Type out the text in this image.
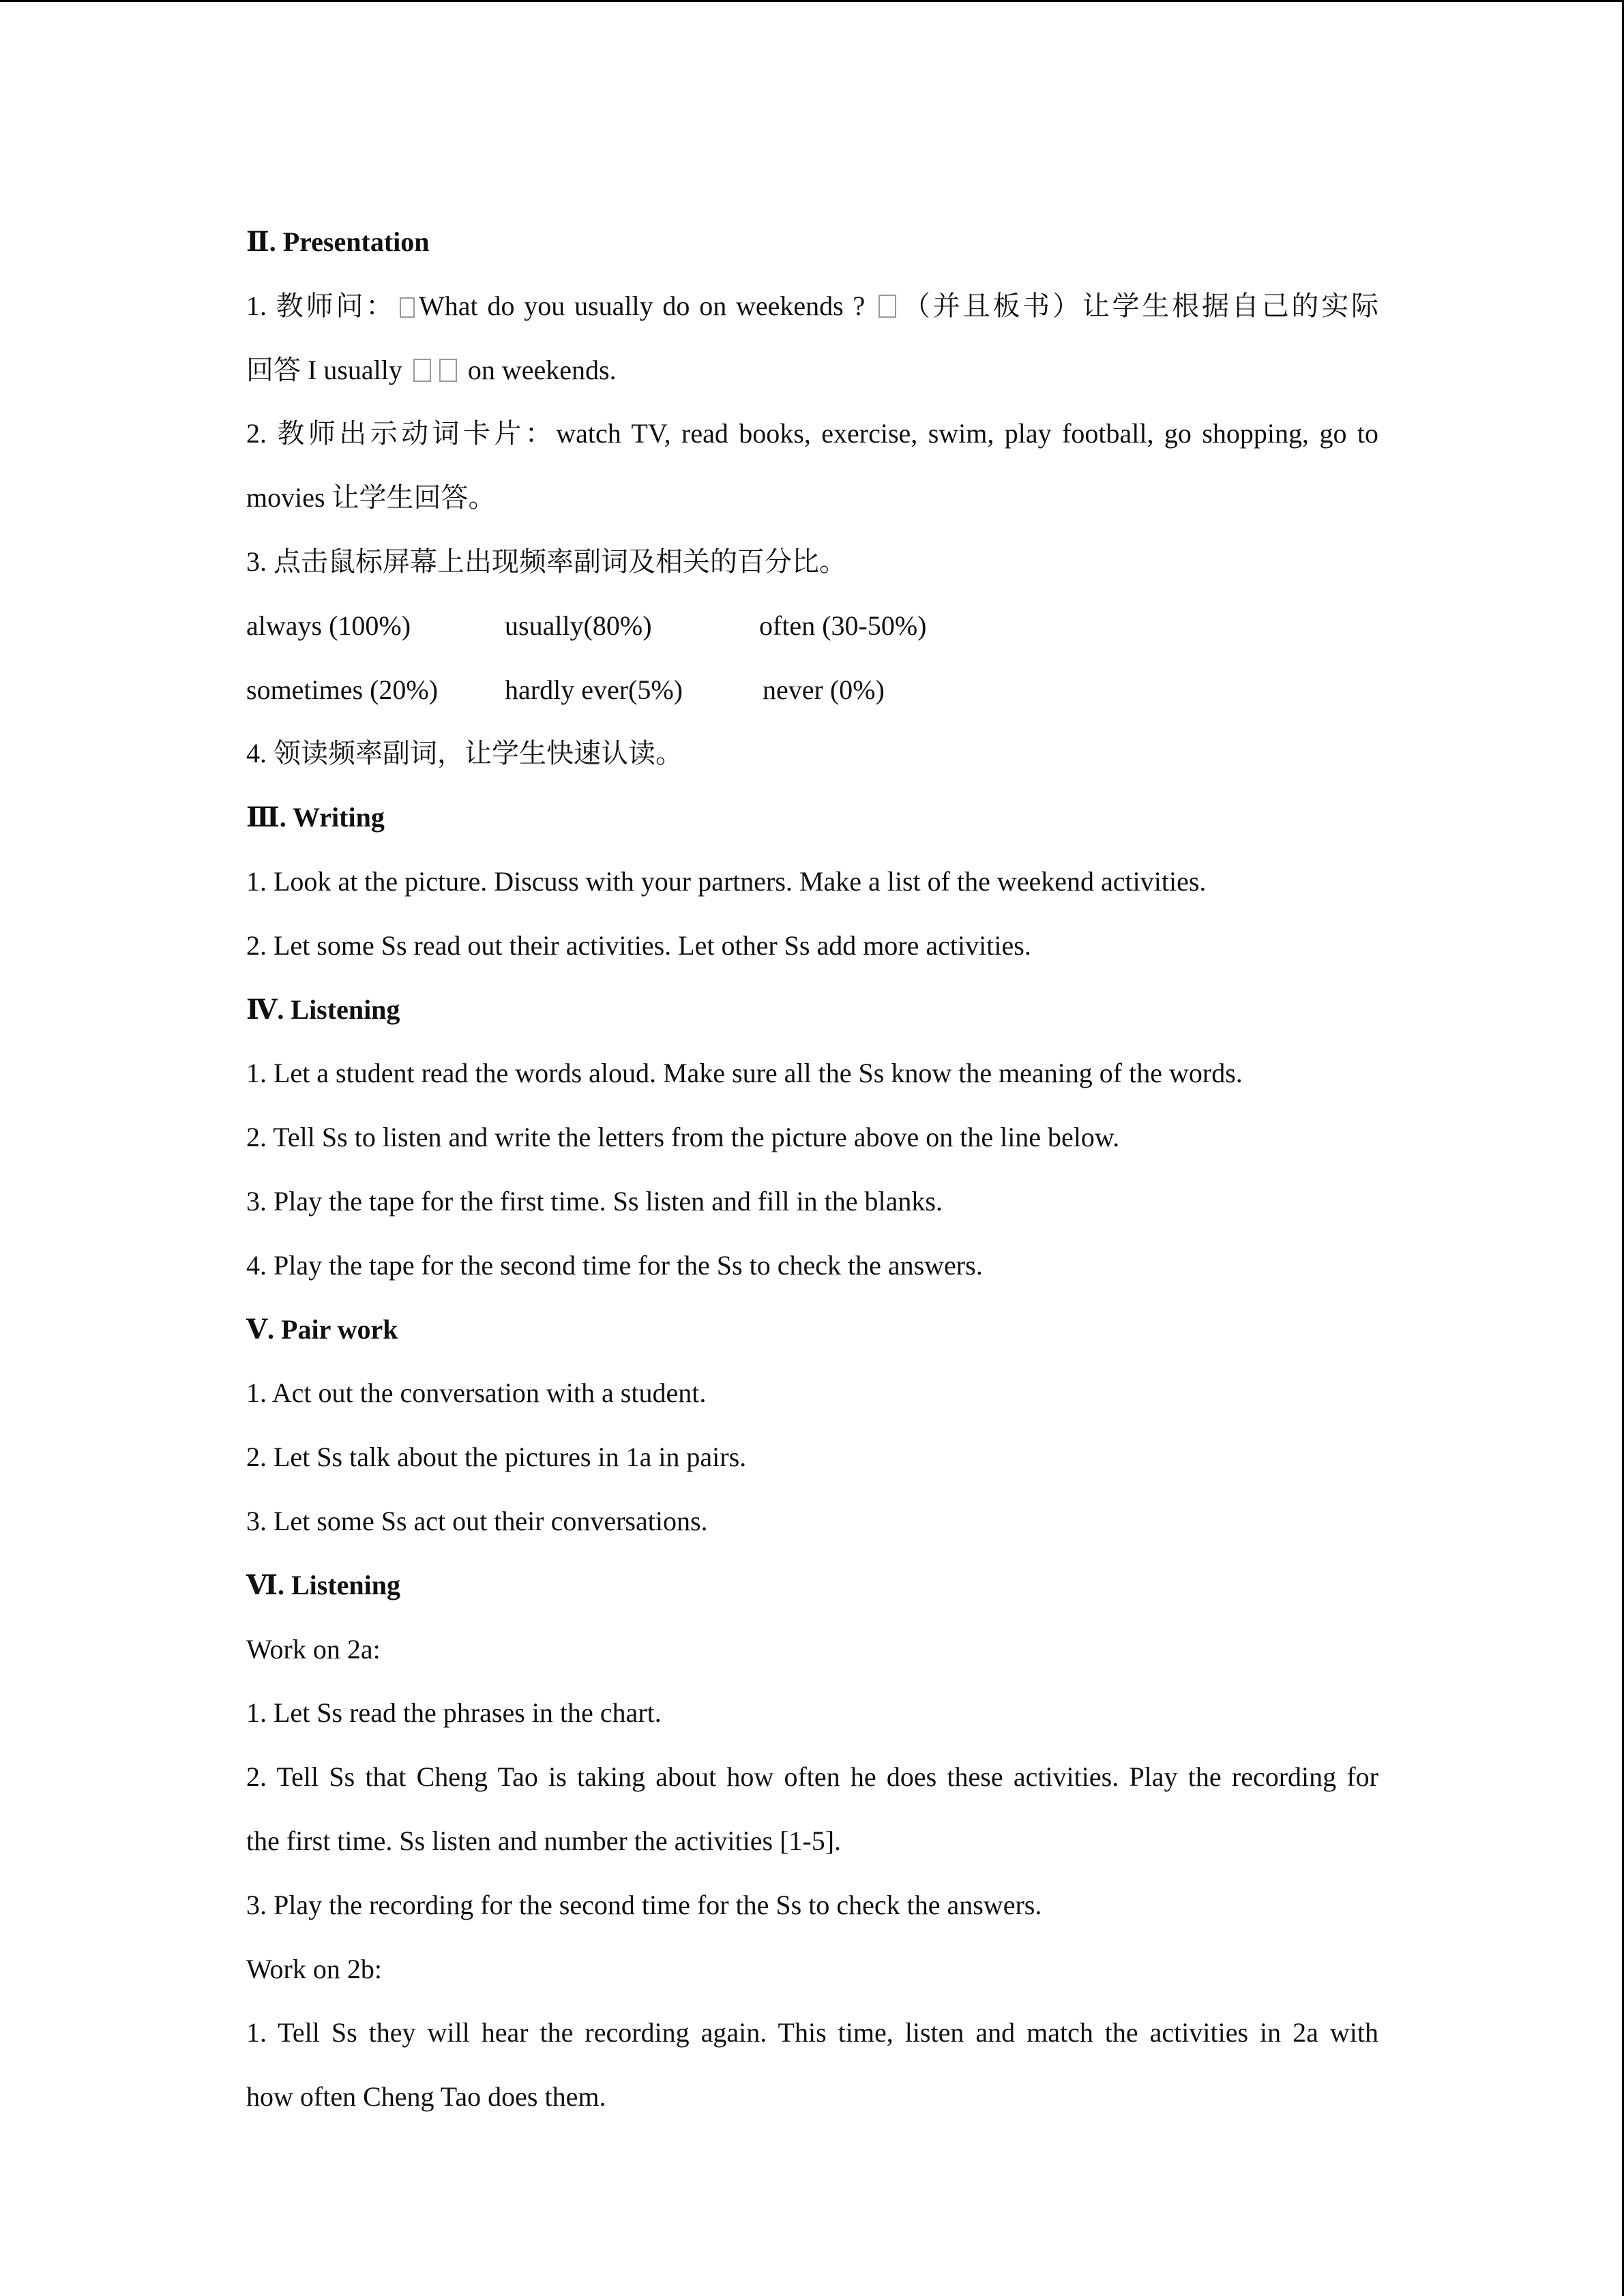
Ⅱ. Presentation
1. 教师问： What do you usually do on weekends ? （并且板书）让学生根据自己的实际
回答 I usually on weekends.
2. 教师出示动词卡片：watch TV, read books, exercise, swim, play football, go shopping, go to
movies 让学生回答。
3. 点击鼠标屏幕上出现频率副词及相关的百分比。
always (100%)	usually(80%)	often (30-50%)
sometimes (20%) hardly ever(5%)	never (0%)
4. 领读频率副词，让学生快速认读。
Ⅲ. Writing
1. Look at the picture. Discuss with your partners. Make a list of the weekend activities.
2. Let some Ss read out their activities. Let other Ss add more activities.
Ⅳ. Listening
1. Let a student read the words aloud. Make sure all the Ss know the meaning of the words.
2. Tell Ss to listen and write the letters from the picture above on the line below.
3. Play the tape for the first time. Ss listen and fill in the blanks.
4. Play the tape for the second time for the Ss to check the answers.
Ⅴ. Pair work
1. Act out the conversation with a student.
2. Let Ss talk about the pictures in 1a in pairs.
3. Let some Ss act out their conversations.
Ⅵ. Listening
Work on 2a:
1. Let Ss read the phrases in the chart.
2. Tell Ss that Cheng Tao is taking about how often he does these activities. Play the recording for
the first time. Ss listen and number the activities [1-5].
3. Play the recording for the second time for the Ss to check the answers.
Work on 2b:
1. Tell Ss they will hear the recording again. This time, listen and match the activities in 2a with
how often Cheng Tao does them.
